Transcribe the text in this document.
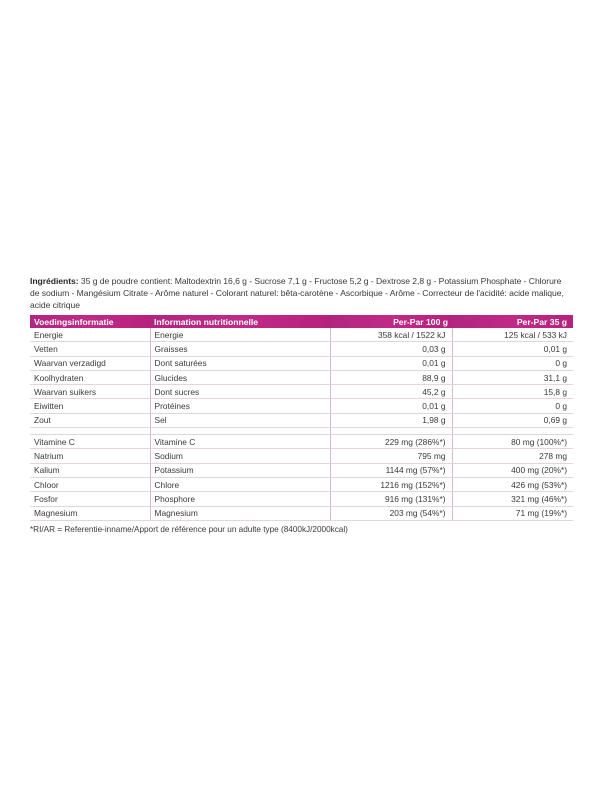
Ingrédients: 35 g de poudre contient: Maltodextrin 16,6 g - Sucrose 7,1 g - Fructose 5,2 g - Dextrose 2,8 g - Potassium Phosphate - Chlorure de sodium - Mangésium Citrate - Arôme naturel - Colorant naturel: bêta-carotène - Ascorbique - Arôme - Correcteur de l'acidité: acide malique, acide citrique
Voedingsinformatie	Information nutritionnelle	Per-Par 100 g	Per-Par 35 g
Energie	Energie	358 kcal / 1522 kJ	125 kcal / 533 kJ
Vetten	Graisses	0,03 g	0,01 g
Waarvan verzadigd	Dont saturées	0,01 g	0 g
Koolhydraten	Glucides	88,9 g	31,1 g
Waarvan suikers	Dont sucres	45,2 g	15,8 g
Eiwitten	Protéines	0,01 g	0 g
Zout	Sel	1,98 g	0,69 g

Vitamine C	Vitamine C	229 mg (286%*)	80 mg (100%*)
Natrium	Sodium	795 mg	278 mg
Kalium	Potassium	1144 mg (57%*)	400 mg (20%*)
Chloor	Chlore	1216 mg (152%*)	426 mg (53%*)
Fosfor	Phosphore	916 mg (131%*)	321 mg (46%*)
Magnesium	Magnesium	203 mg (54%*)	71 mg (19%*)
*RI/AR = Referentie-inname/Apport de référence pour un adulte type (8400kJ/2000kcal)
